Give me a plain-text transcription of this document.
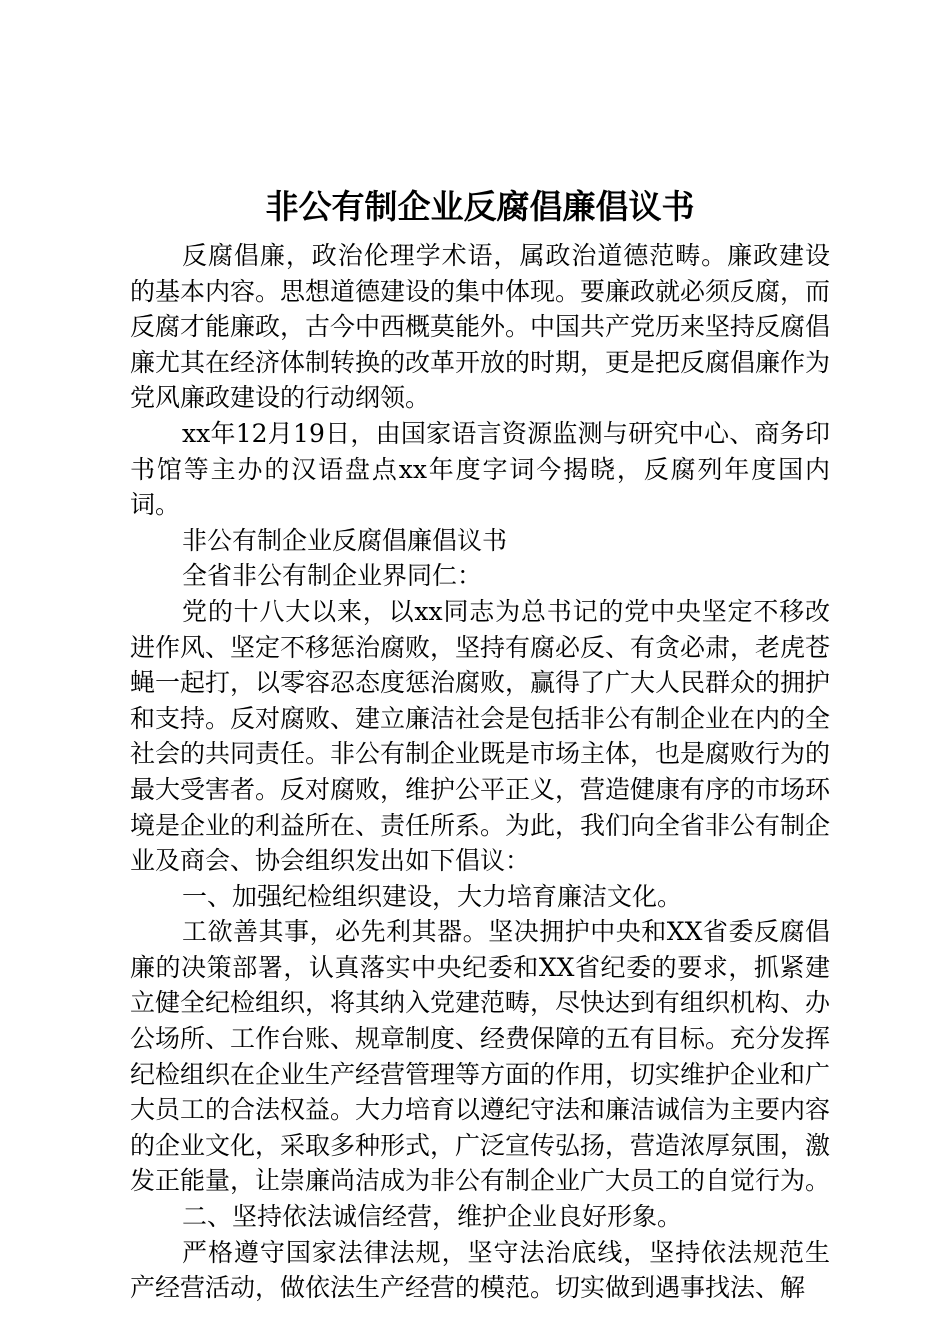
非公有制企业反腐倡廉倡议书

反腐倡廉，政治伦理学术语，属政治道德范畴。廉政建设的基本内容。思想道德建设的集中体现。要廉政就必须反腐，而反腐才能廉政，古今中西概莫能外。中国共产党历来坚持反腐倡廉尤其在经济体制转换的改革开放的时期，更是把反腐倡廉作为党风廉政建设的行动纲领。

xx年12月19日，由国家语言资源监测与研究中心、商务印书馆等主办的汉语盘点xx年度字词今揭晓，反腐列年度国内词。

非公有制企业反腐倡廉倡议书

全省非公有制企业界同仁：

党的十八大以来，以xx同志为总书记的党中央坚定不移改进作风、坚定不移惩治腐败，坚持有腐必反、有贪必肃，老虎苍蝇一起打，以零容忍态度惩治腐败，赢得了广大人民群众的拥护和支持。反对腐败、建立廉洁社会是包括非公有制企业在内的全社会的共同责任。非公有制企业既是市场主体，也是腐败行为的最大受害者。反对腐败，维护公平正义，营造健康有序的市场环境是企业的利益所在、责任所系。为此，我们向全省非公有制企业及商会、协会组织发出如下倡议：

一、加强纪检组织建设，大力培育廉洁文化。

工欲善其事，必先利其器。坚决拥护中央和XX省委反腐倡廉的决策部署，认真落实中央纪委和XX省纪委的要求，抓紧建立健全纪检组织，将其纳入党建范畴，尽快达到有组织机构、办公场所、工作台账、规章制度、经费保障的五有目标。充分发挥纪检组织在企业生产经营管理等方面的作用，切实维护企业和广大员工的合法权益。大力培育以遵纪守法和廉洁诚信为主要内容的企业文化，采取多种形式，广泛宣传弘扬，营造浓厚氛围，激发正能量，让崇廉尚洁成为非公有制企业广大员工的自觉行为。

二、坚持依法诚信经营，维护企业良好形象。

严格遵守国家法律法规，坚守法治底线，坚持依法规范生产经营活动，做依法生产经营的模范。切实做到遇事找法、解
